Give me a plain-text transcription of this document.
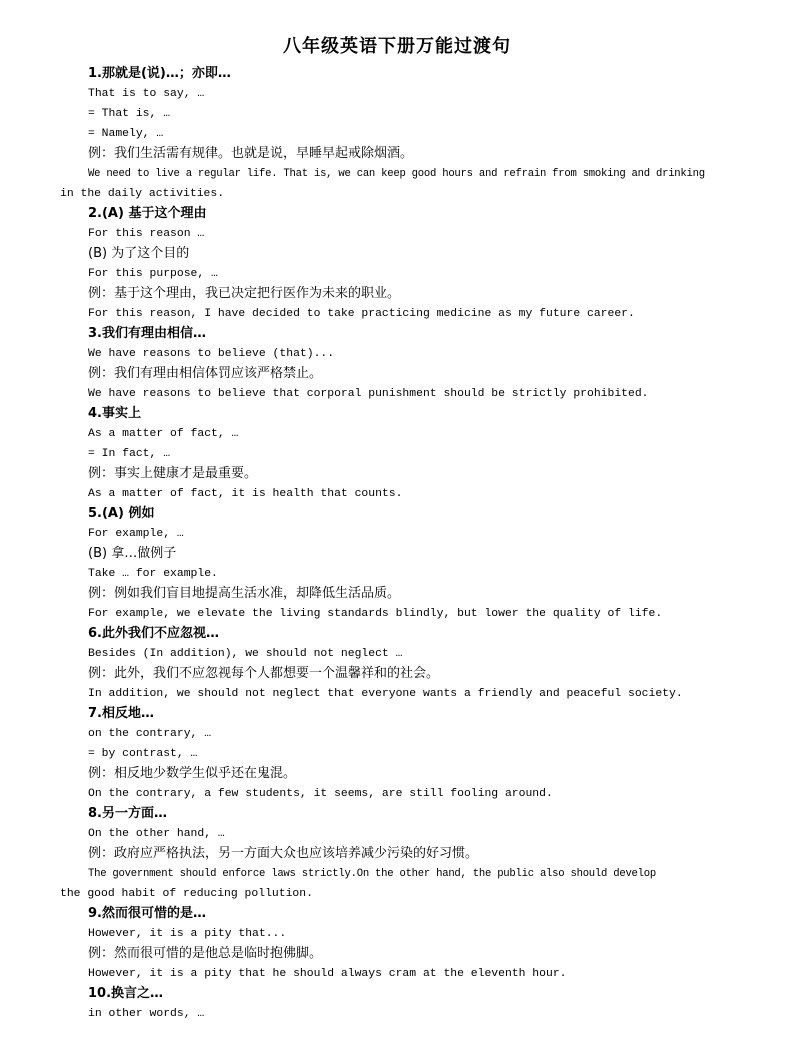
八年级英语下册万能过渡句
1.那就是(说)…；亦即…
That is to say, …
= That is, …
= Namely, …
例：我们生活需有规律。也就是说，早睡早起戒除烟酒。
We need to live a regular life. That is, we can keep good hours and refrain from smoking and drinking
in the daily activities.
2.(A) 基于这个理由
For this reason …
(B) 为了这个目的
For this purpose, …
例：基于这个理由，我已决定把行医作为未来的职业。
For this reason, I have decided to take practicing medicine as my future career.
3.我们有理由相信…
We have reasons to believe (that)...
例：我们有理由相信体罚应该严格禁止。
We have reasons to believe that corporal punishment should be strictly prohibited.
4.事实上
As a matter of fact, …
= In fact, …
例：事实上健康才是最重要。
As a matter of fact, it is health that counts.
5.(A) 例如
For example, …
(B) 拿…做例子
Take … for example.
例：例如我们盲目地提高生活水准，却降低生活品质。
For example, we elevate the living standards blindly, but lower the quality of life.
6.此外我们不应忽视…
Besides (In addition), we should not neglect …
例：此外，我们不应忽视每个人都想要一个温馨祥和的社会。
In addition, we should not neglect that everyone wants a friendly and peaceful society.
7.相反地…
on the contrary, …
= by contrast, …
例：相反地少数学生似乎还在鬼混。
On the contrary, a few students, it seems, are still fooling around.
8.另一方面…
On the other hand, …
例：政府应严格执法，另一方面大众也应该培养减少污染的好习惯。
The government should enforce laws strictly.On the other hand, the public also should develop
the good habit of reducing pollution.
9.然而很可惜的是…
However, it is a pity that...
例：然而很可惜的是他总是临时抱佛脚。
However, it is a pity that he should always cram at the eleventh hour.
10.换言之…
in other words, …
